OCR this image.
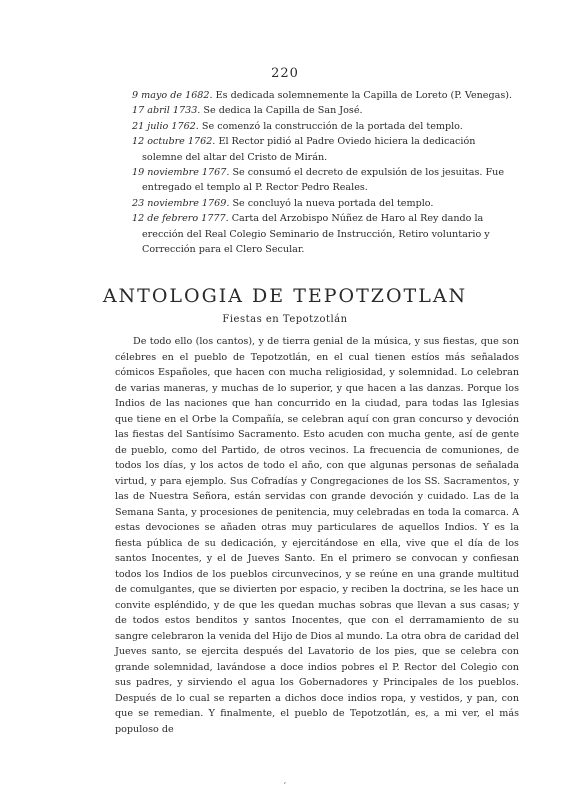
220

9 mayo de 1682. Es dedicada solemnemente la Capilla de Loreto (P. Venegas).

17 abril 1733. Se dedica la Capilla de San José.

21 julio 1762. Se comenzó la construcción de la portada del templo.

12 octubre 1762. El Rector pidió al Padre Oviedo hiciera la dedicación solemne del altar del Cristo de Mirán.

19 noviembre 1767. Se consumó el decreto de expulsión de los jesuitas. Fue entregado el templo al P. Rector Pedro Reales.

23 noviembre 1769. Se concluyó la nueva portada del templo.

12 de febrero 1777. Carta del Arzobispo Núñez de Haro al Rey dando la erección del Real Colegio Seminario de Instrucción, Retiro voluntario y Corrección para el Clero Secular.

ANTOLOGIA DE TEPOTZOTLAN
Fiestas en Tepotzotlán

De todo ello (los cantos), y de tierra genial de la música, y sus fiestas, que son célebres en el pueblo de Tepotzotlán, en el cual tienen estíos más señalados cómicos Españoles, que hacen con mucha religiosidad, y solemnidad. Lo celebran de varias maneras, y muchas de lo superior, y que hacen a las danzas. Porque los Indios de las naciones que han concurrido en la ciudad, para todas las Iglesias que tiene en el Orbe la Compañía, se celebran aquí con gran concurso y devoción las fiestas del Santísimo Sacramento. Esto acuden con mucha gente, así de gente de pueblo, como del Partido, de otros vecinos. La frecuencia de comuniones, de todos los días, y los actos de todo el año, con que algunas personas de señalada virtud, y para ejemplo. Sus Cofradías y Congregaciones de los SS. Sacramentos, y las de Nuestra Señora, están servidas con grande devoción y cuidado. Las de la Semana Santa, y procesiones de penitencia, muy celebradas en toda la comarca. A estas devociones se añaden otras muy particulares de aquellos Indios. Y es la fiesta pública de su dedicación, y ejercitándose en ella, vive que el día de los santos Inocentes, y el de Jueves Santo. En el primero se convocan y confiesan todos los Indios de los pueblos circunvecinos, y se reúne en una grande multitud de comulgantes, que se divierten por espacio, y reciben la doctrina, se les hace un convite espléndido, y de que les quedan muchas sobras que llevan a sus casas; y de todos estos benditos y santos Inocentes, que con el derramamiento de su sangre celebraron la venida del Hijo de Dios al mundo. La otra obra de caridad del Jueves santo, se ejercita después del Lavatorio de los pies, que se celebra con grande solemnidad, lavándose a doce indios pobres el P. Rector del Colegio con sus padres, y sirviendo el agua los Gobernadores y Principales de los pueblos. Después de lo cual se reparten a dichos doce indios ropa, y vestidos, y pan, con que se remedian. Y finalmente, el pueblo de Tepotzotlán, es, a mi ver, el más populoso de

,
